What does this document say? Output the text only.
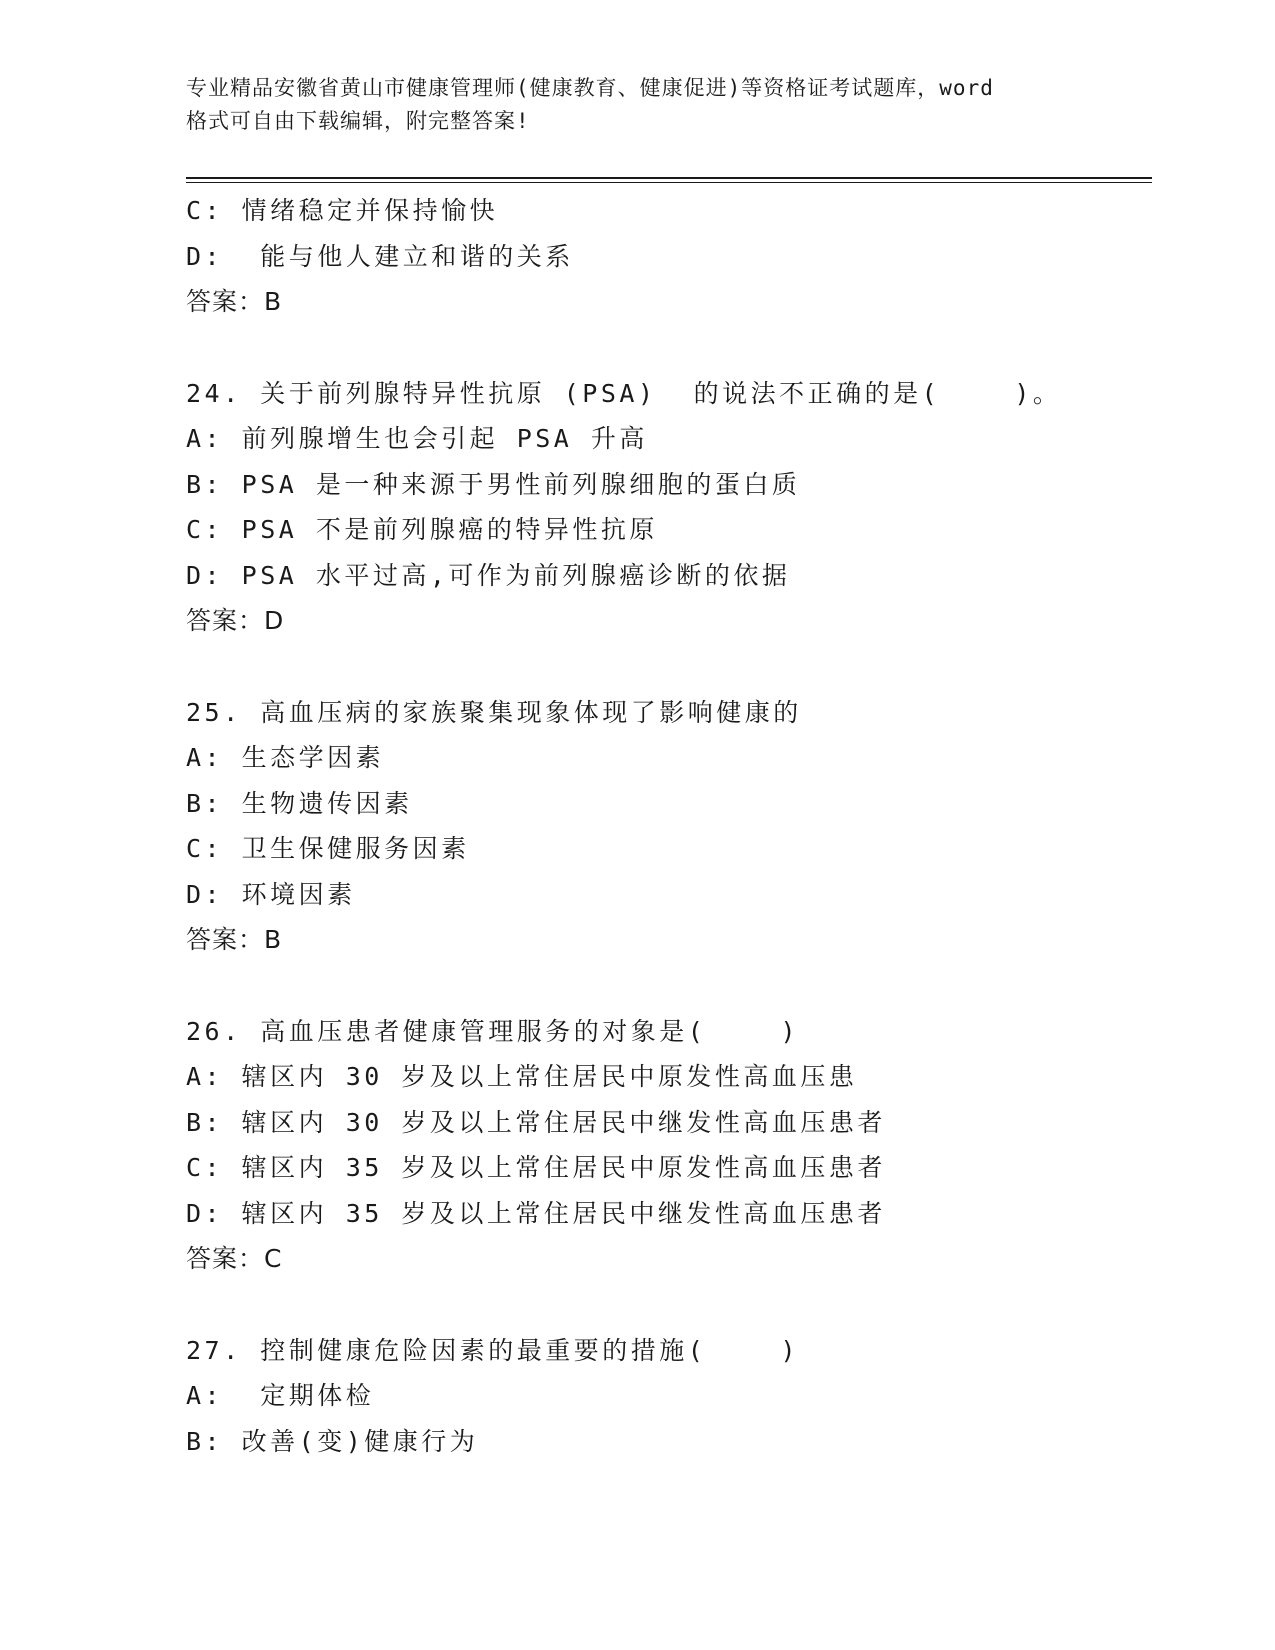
专业精品安徽省黄山市健康管理师(健康教育、健康促进)等资格证考试题库，word
格式可自由下载编辑，附完整答案!
C: 情绪稳定并保持愉快
D:  能与他人建立和谐的关系
答案：B
24. 关于前列腺特异性抗原 (PSA)  的说法不正确的是(    )。
A: 前列腺增生也会引起 PSA 升高
B: PSA 是一种来源于男性前列腺细胞的蛋白质
C: PSA 不是前列腺癌的特异性抗原
D: PSA 水平过高,可作为前列腺癌诊断的依据
答案：D
25. 高血压病的家族聚集现象体现了影响健康的
A: 生态学因素
B: 生物遗传因素
C: 卫生保健服务因素
D: 环境因素
答案：B
26. 高血压患者健康管理服务的对象是(    )
A: 辖区内 30 岁及以上常住居民中原发性高血压患
B: 辖区内 30 岁及以上常住居民中继发性高血压患者
C: 辖区内 35 岁及以上常住居民中原发性高血压患者
D: 辖区内 35 岁及以上常住居民中继发性高血压患者
答案：C
27. 控制健康危险因素的最重要的措施(    )
A:  定期体检
B: 改善(变)健康行为
